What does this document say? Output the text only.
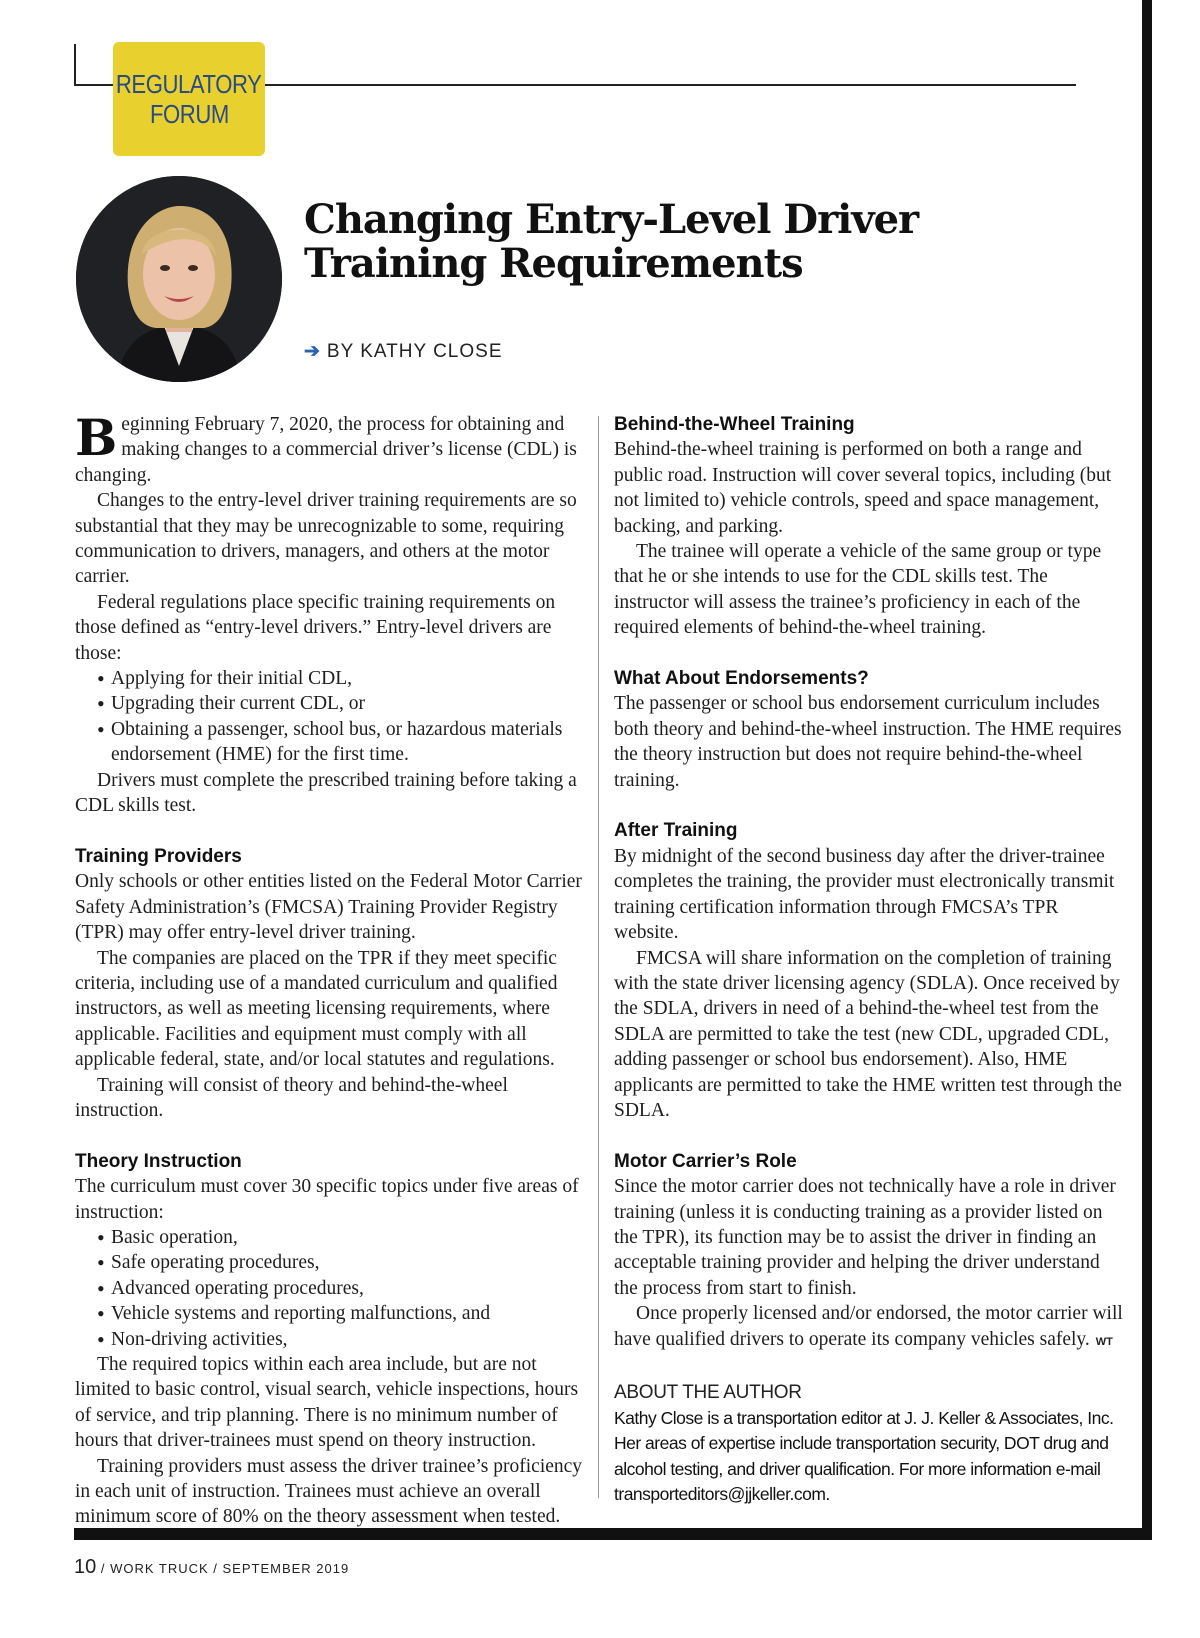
REGULATORY
FORUM
Changing Entry-Level Driver
Training Requirements
➔ BY KATHY CLOSE

Beginning February 7, 2020, the process for obtaining and making changes to a commercial driver’s license (CDL) is changing.

Changes to the entry-level driver training requirements are so substantial that they may be unrecognizable to some, requiring communication to drivers, managers, and others at the motor carrier.

Federal regulations place specific training requirements on those defined as “entry-level drivers.” Entry-level drivers are those:

• Applying for their initial CDL,
• Upgrading their current CDL, or
• Obtaining a passenger, school bus, or hazardous materials endorsement (HME) for the first time.

Drivers must complete the prescribed training before taking a CDL skills test.

Training Providers

Only schools or other entities listed on the Federal Motor Carrier Safety Administration’s (FMCSA) Training Provider Registry (TPR) may offer entry-level driver training.

The companies are placed on the TPR if they meet specific criteria, including use of a mandated curriculum and qualified instructors, as well as meeting licensing requirements, where applicable. Facilities and equipment must comply with all applicable federal, state, and/or local statutes and regulations.

Training will consist of theory and behind-the-wheel instruction.

Theory Instruction

The curriculum must cover 30 specific topics under five areas of instruction:

• Basic operation,
• Safe operating procedures,
• Advanced operating procedures,
• Vehicle systems and reporting malfunctions, and
• Non-driving activities,

The required topics within each area include, but are not limited to basic control, visual search, vehicle inspections, hours of service, and trip planning. There is no minimum number of hours that driver-trainees must spend on theory instruction.

Training providers must assess the driver trainee’s proficiency in each unit of instruction. Trainees must achieve an overall minimum score of 80% on the theory assessment when tested.

Behind-the-Wheel Training

Behind-the-wheel training is performed on both a range and public road. Instruction will cover several topics, including (but not limited to) vehicle controls, speed and space management, backing, and parking.

The trainee will operate a vehicle of the same group or type that he or she intends to use for the CDL skills test. The instructor will assess the trainee’s proficiency in each of the required elements of behind-the-wheel training.

What About Endorsements?

The passenger or school bus endorsement curriculum includes both theory and behind-the-wheel instruction. The HME requires the theory instruction but does not require behind-the-wheel training.

After Training

By midnight of the second business day after the driver-trainee completes the training, the provider must electronically transmit training certification information through FMCSA’s TPR website.

FMCSA will share information on the completion of training with the state driver licensing agency (SDLA). Once received by the SDLA, drivers in need of a behind-the-wheel test from the SDLA are permitted to take the test (new CDL, upgraded CDL, adding passenger or school bus endorsement). Also, HME applicants are permitted to take the HME written test through the SDLA.

Motor Carrier’s Role

Since the motor carrier does not technically have a role in driver training (unless it is conducting training as a provider listed on the TPR), its function may be to assist the driver in finding an acceptable training provider and helping the driver understand the process from start to finish.

Once properly licensed and/or endorsed, the motor carrier will have qualified drivers to operate its company vehicles safely. WT

ABOUT THE AUTHOR
Kathy Close is a transportation editor at J. J. Keller & Associates, Inc. Her areas of expertise include transportation security, DOT drug and alcohol testing, and driver qualification. For more information e-mail transporteditors@jjkeller.com.
10 / WORK TRUCK / SEPTEMBER 2019
